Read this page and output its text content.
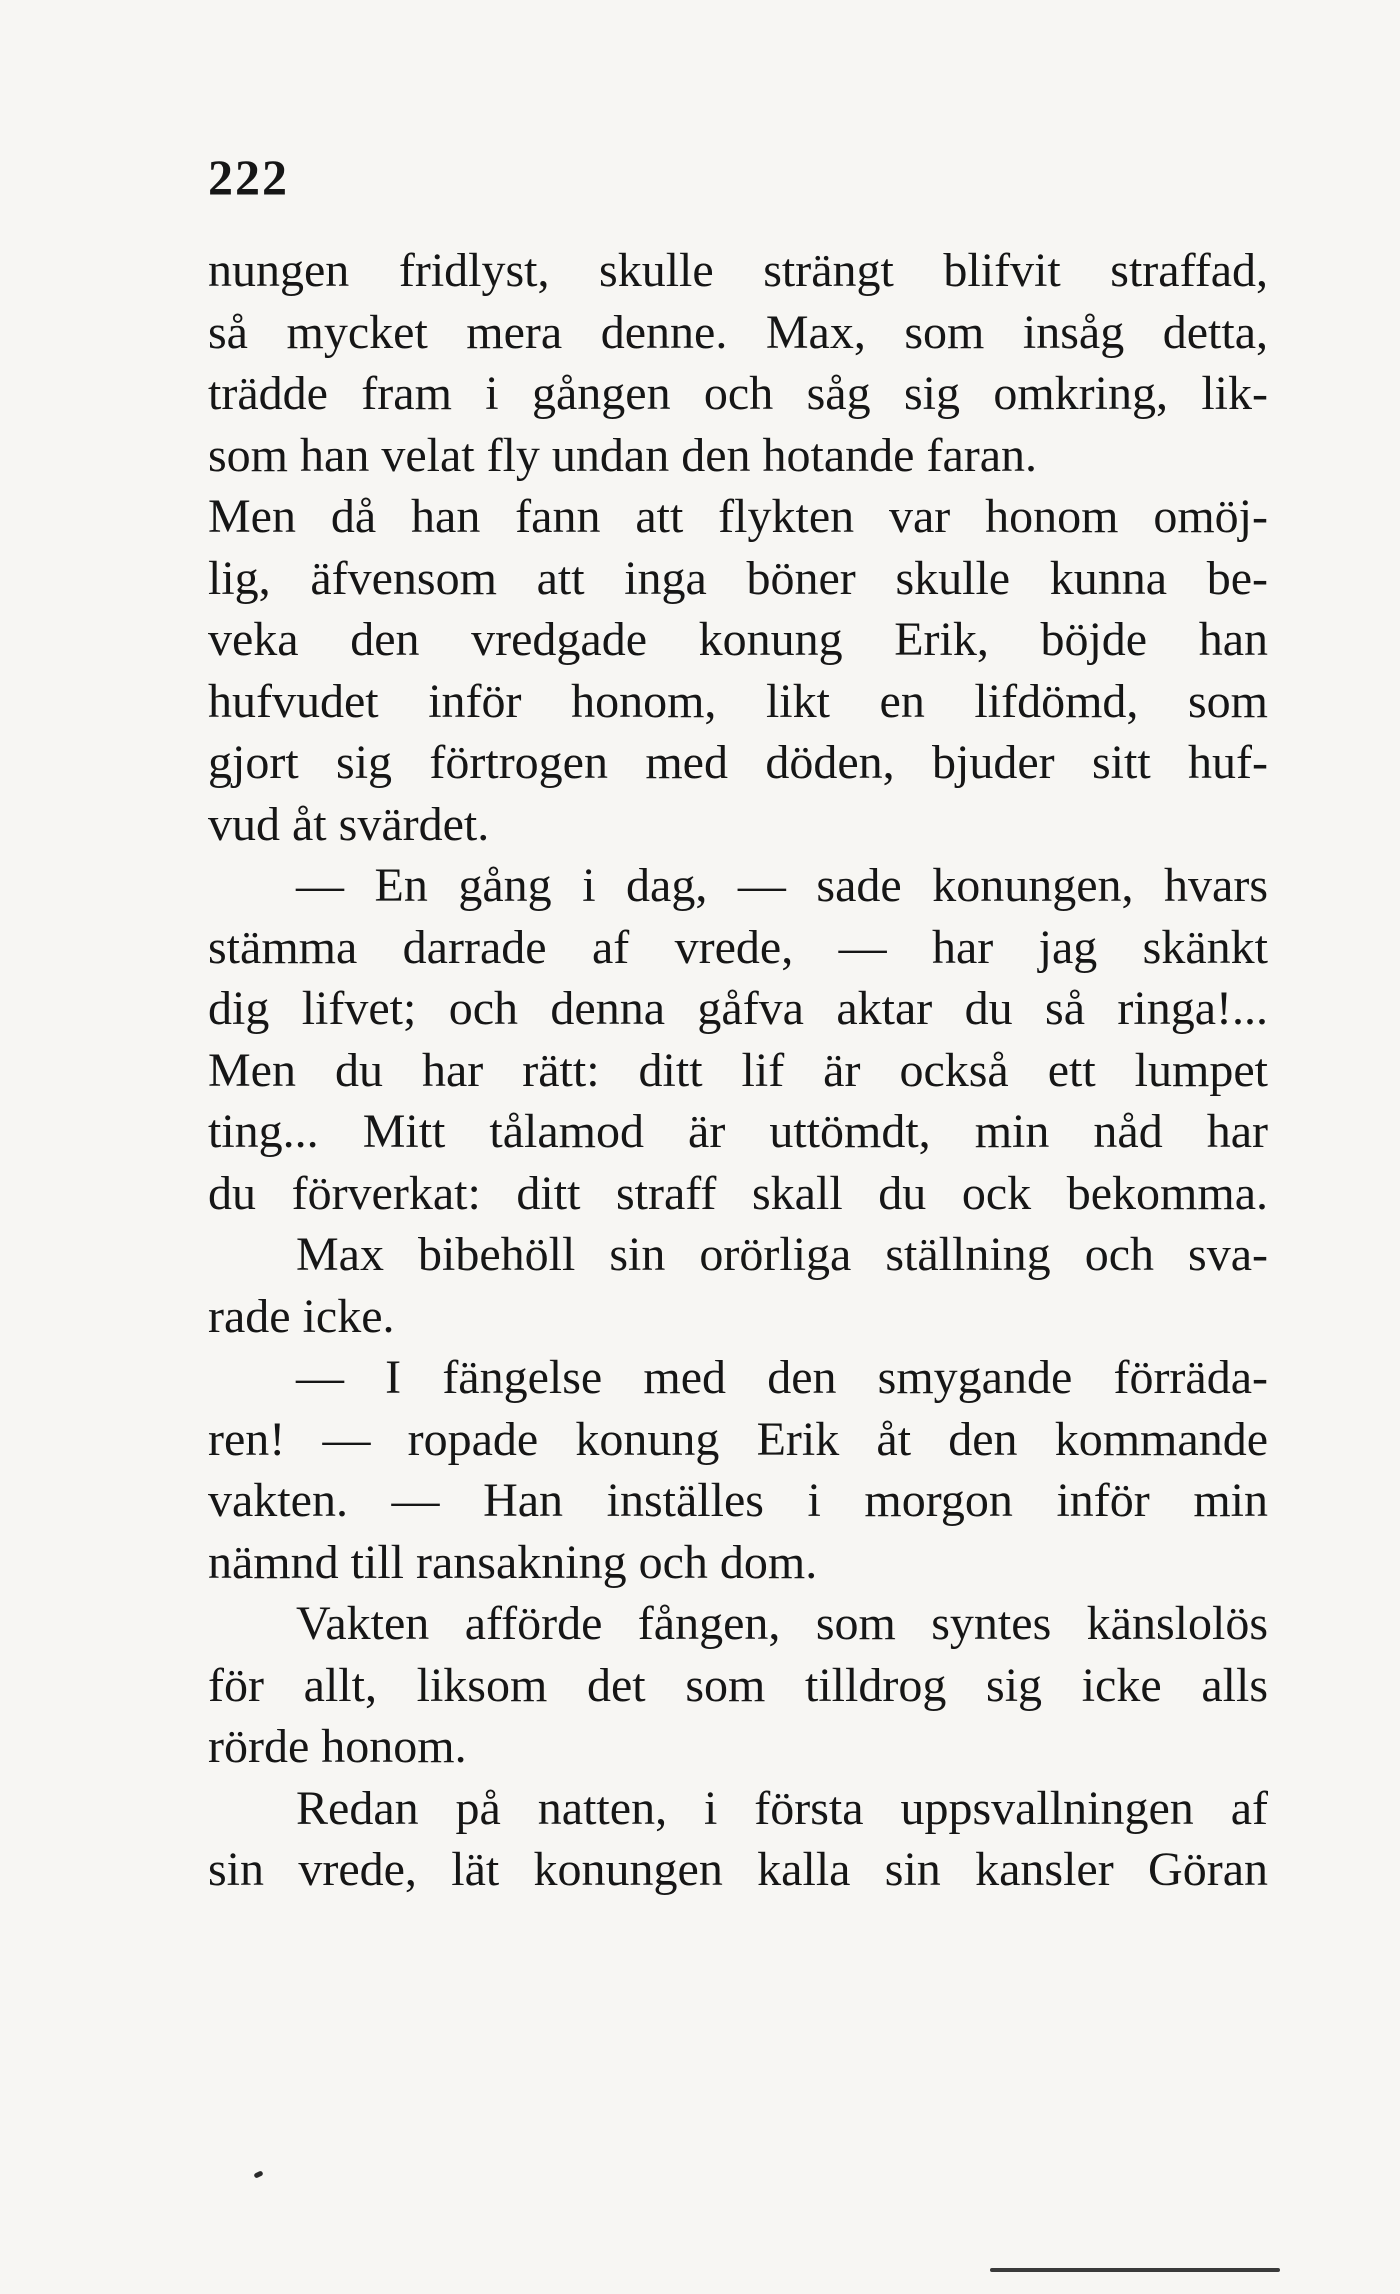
222
nungen fridlyst, skulle strängt blifvit straffad,
så mycket mera denne. Max, som insåg detta,
trädde fram i gången och såg sig omkring, lik-
som han velat fly undan den hotande faran.
Men då han fann att flykten var honom omöj-
lig, äfvensom att inga böner skulle kunna be-
veka den vredgade konung Erik, böjde han
hufvudet inför honom, likt en lifdömd, som
gjort sig förtrogen med döden, bjuder sitt huf-
vud åt svärdet.
— En gång i dag, — sade konungen, hvars
stämma darrade af vrede, — har jag skänkt
dig lifvet; och denna gåfva aktar du så ringa!...
Men du har rätt: ditt lif är också ett lumpet
ting... Mitt tålamod är uttömdt, min nåd har
du förverkat: ditt straff skall du ock bekomma.
Max bibehöll sin orörliga ställning och sva-
rade icke.
— I fängelse med den smygande förräda-
ren! — ropade konung Erik åt den kommande
vakten. — Han inställes i morgon inför min
nämnd till ransakning och dom.
Vakten afförde fången, som syntes känslolös
för allt, liksom det som tilldrog sig icke alls
rörde honom.
Redan på natten, i första uppsvallningen af
sin vrede, lät konungen kalla sin kansler Göran
